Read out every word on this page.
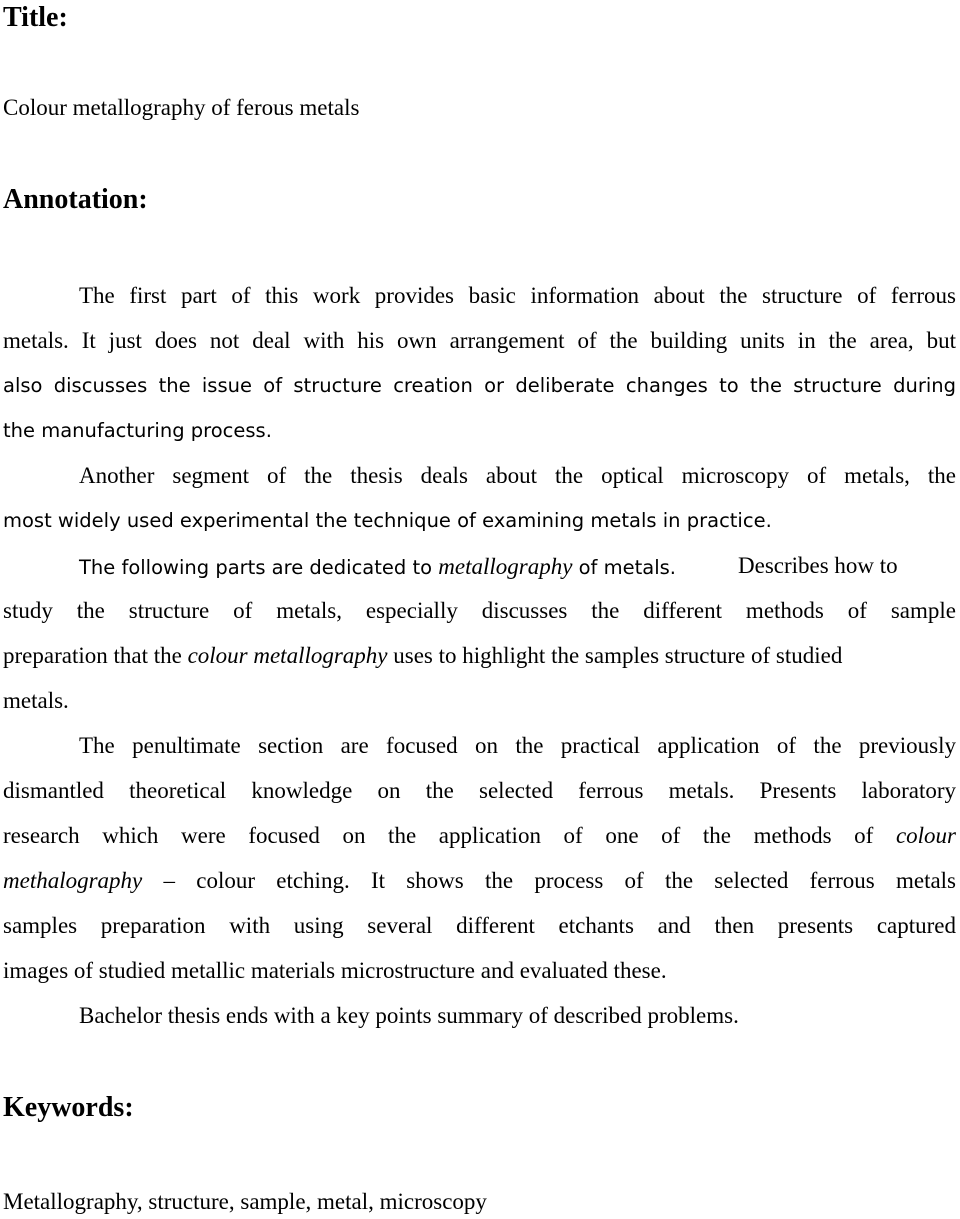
Title:
Colour metallography of ferous metals
Annotation:
The first part of this work provides basic information about the structure of ferrous
metals. It just does not deal with his own arrangement of the building units in the area, but
also discusses the issue of structure creation or deliberate changes to the structure during
the manufacturing process.
Another segment of the thesis deals about the optical microscopy of metals, the
most widely used experimental the technique of examining metals in practice.
The following parts are dedicated to metallography of metals.	Describes how to
study the structure of metals, especially discusses the different methods of sample
preparation that the colour metallography uses to highlight the samples structure of studied
metals.
The penultimate section are focused on the practical application of the previously
dismantled theoretical knowledge on the selected ferrous metals. Presents laboratory
research which were focused on the application of one of the methods of colour
methalography – colour etching. It shows the process of the selected ferrous metals
samples preparation with using several different etchants and then presents captured
images of studied metallic materials microstructure and evaluated these.
Bachelor thesis ends with a key points summary of described problems.
Keywords:
Metallography, structure, sample, metal, microscopy
